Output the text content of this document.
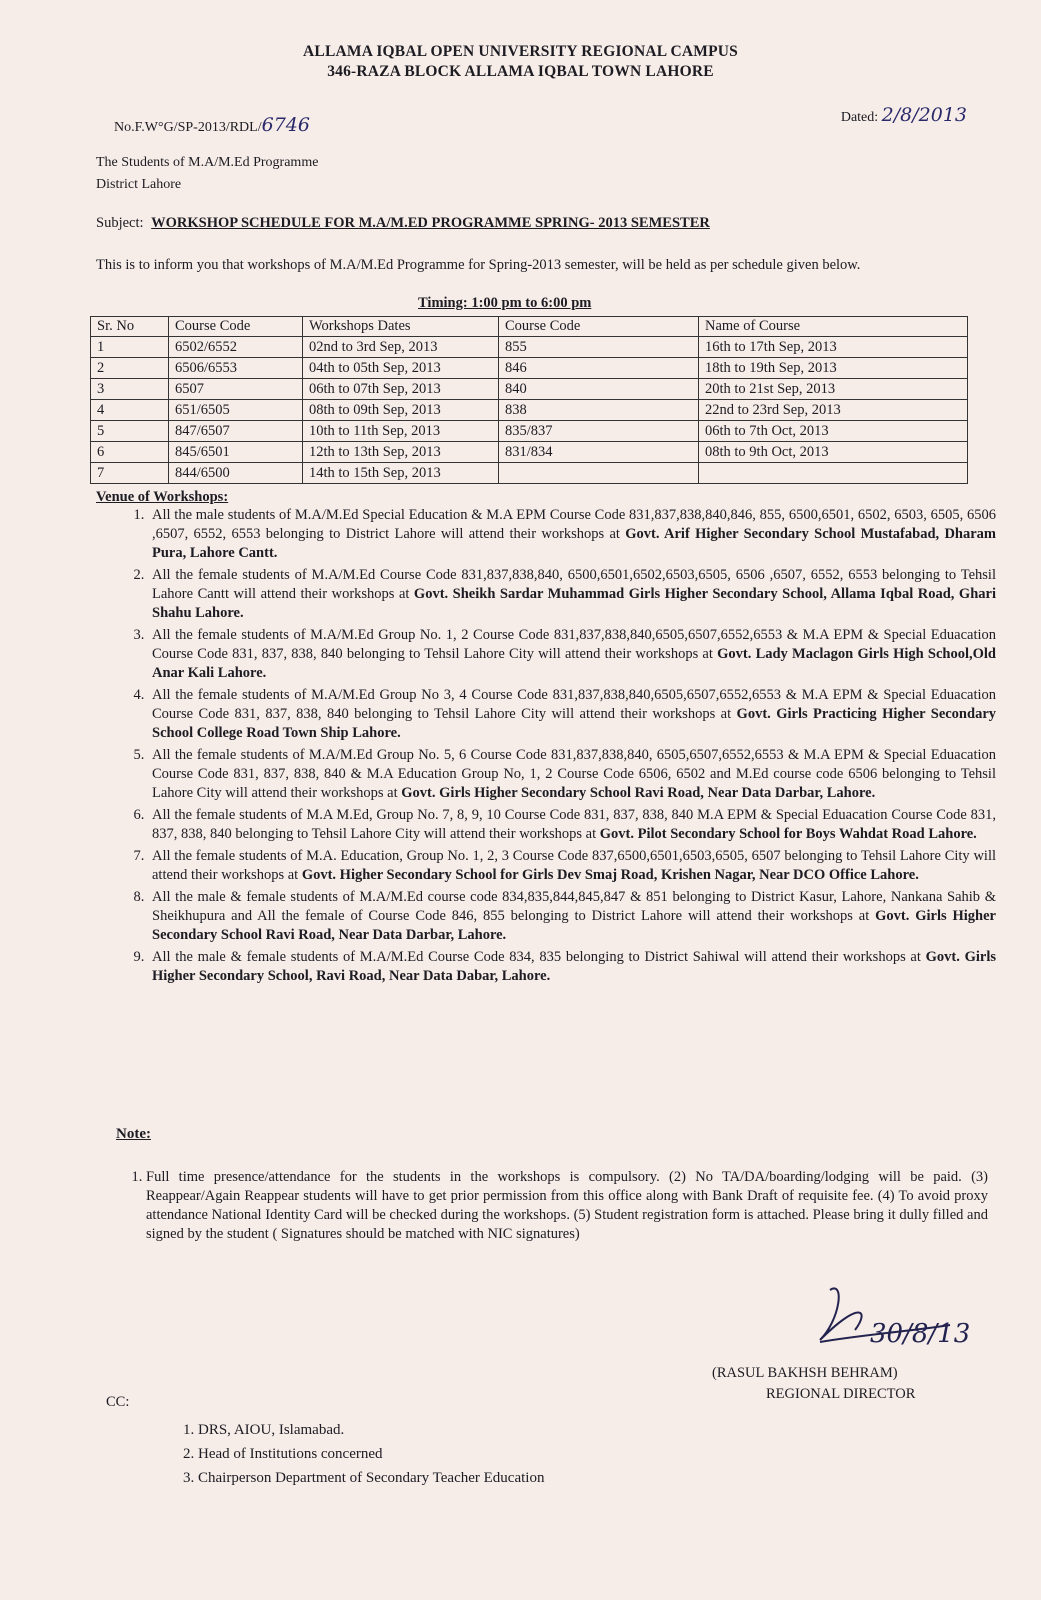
ALLAMA IQBAL OPEN UNIVERSITY REGIONAL CAMPUS
346-RAZA BLOCK ALLAMA IQBAL TOWN LAHORE
No.F.W°G/SP-2013/RDL/6746	Dated: 2/8/2013
The Students of M.A/M.Ed Programme
District Lahore
Subject: WORKSHOP SCHEDULE FOR M.A/M.ED PROGRAMME SPRING- 2013 SEMESTER
This is to inform you that workshops of M.A/M.Ed Programme for Spring-2013 semester, will be held as per schedule given below.
Timing: 1:00 pm to 6:00 pm
Sr. No	Course Code	Workshops Dates	Course Code	Name of Course
1	6502/6552	02nd to 3rd Sep, 2013	855	16th to 17th Sep, 2013
2	6506/6553	04th to 05th Sep, 2013	846	18th to 19th Sep, 2013
3	6507	06th to 07th Sep, 2013	840	20th to 21st Sep, 2013
4	651/6505	08th to 09th Sep, 2013	838	22nd to 23rd Sep, 2013
5	847/6507	10th to 11th Sep, 2013	835/837	06th to 7th Oct, 2013
6	845/6501	12th to 13th Sep, 2013	831/834	08th to 9th Oct, 2013
7	844/6500	14th to 15th Sep, 2013		
Venue of Workshops:
1. All the male students of M.A/M.Ed Special Education & M.A EPM Course Code 831,837,838,840,846, 855, 6500,6501, 6502, 6503, 6505, 6506 ,6507, 6552, 6553 belonging to District Lahore will attend their workshops at Govt. Arif Higher Secondary School Mustafabad, Dharam Pura, Lahore Cantt.
2. All the female students of M.A/M.Ed Course Code 831,837,838,840, 6500,6501,6502,6503,6505, 6506 ,6507, 6552, 6553 belonging to Tehsil Lahore Cantt will attend their workshops at Govt. Sheikh Sardar Muhammad Girls Higher Secondary School, Allama Iqbal Road, Ghari Shahu Lahore.
3. All the female students of M.A/M.Ed Group No. 1, 2 Course Code 831,837,838,840,6505,6507,6552,6553 & M.A EPM & Special Eduacation Course Code 831, 837, 838, 840 belonging to Tehsil Lahore City will attend their workshops at Govt. Lady Maclagon Girls High School,Old Anar Kali Lahore.
4. All the female students of M.A/M.Ed Group No 3, 4 Course Code 831,837,838,840,6505,6507,6552,6553 & M.A EPM & Special Eduacation Course Code 831, 837, 838, 840 belonging to Tehsil Lahore City will attend their workshops at Govt. Girls Practicing Higher Secondary School College Road Town Ship Lahore.
5. All the female students of M.A/M.Ed Group No. 5, 6 Course Code 831,837,838,840, 6505,6507,6552,6553 & M.A EPM & Special Eduacation Course Code 831, 837, 838, 840 & M.A Education Group No, 1, 2 Course Code 6506, 6502 and M.Ed course code 6506 belonging to Tehsil Lahore City will attend their workshops at Govt. Girls Higher Secondary School Ravi Road, Near Data Darbar, Lahore.
6. All the female students of M.A M.Ed, Group No. 7, 8, 9, 10 Course Code 831, 837, 838, 840 M.A EPM & Special Eduacation Course Code 831, 837, 838, 840 belonging to Tehsil Lahore City will attend their workshops at Govt. Pilot Secondary School for Boys Wahdat Road Lahore.
7. All the female students of M.A. Education, Group No. 1, 2, 3 Course Code 837,6500,6501,6503,6505, 6507 belonging to Tehsil Lahore City will attend their workshops at Govt. Higher Secondary School for Girls Dev Smaj Road, Krishen Nagar, Near DCO Office Lahore.
8. All the male & female students of M.A/M.Ed course code 834,835,844,845,847 & 851 belonging to District Kasur, Lahore, Nankana Sahib & Sheikhupura and All the female of Course Code 846, 855 belonging to District Lahore will attend their workshops at Govt. Girls Higher Secondary School Ravi Road, Near Data Darbar, Lahore.
9. All the male & female students of M.A/M.Ed Course Code 834, 835 belonging to District Sahiwal will attend their workshops at Govt. Girls Higher Secondary School, Ravi Road, Near Data Dabar, Lahore.
Note:
1. Full time presence/attendance for the students in the workshops is compulsory. (2) No TA/DA/boarding/lodging will be paid. (3) Reappear/Again Reappear students will have to get prior permission from this office along with Bank Draft of requisite fee. (4) To avoid proxy attendance National Identity Card will be checked during the workshops. (5) Student registration form is attached. Please bring it dully filled and signed by the student ( Signatures should be matched with NIC signatures)
30/8/13
(RASUL BAKHSH BEHRAM)
REGIONAL DIRECTOR
CC:
1. DRS, AIOU, Islamabad.
2. Head of Institutions concerned
3. Chairperson Department of Secondary Teacher Education
